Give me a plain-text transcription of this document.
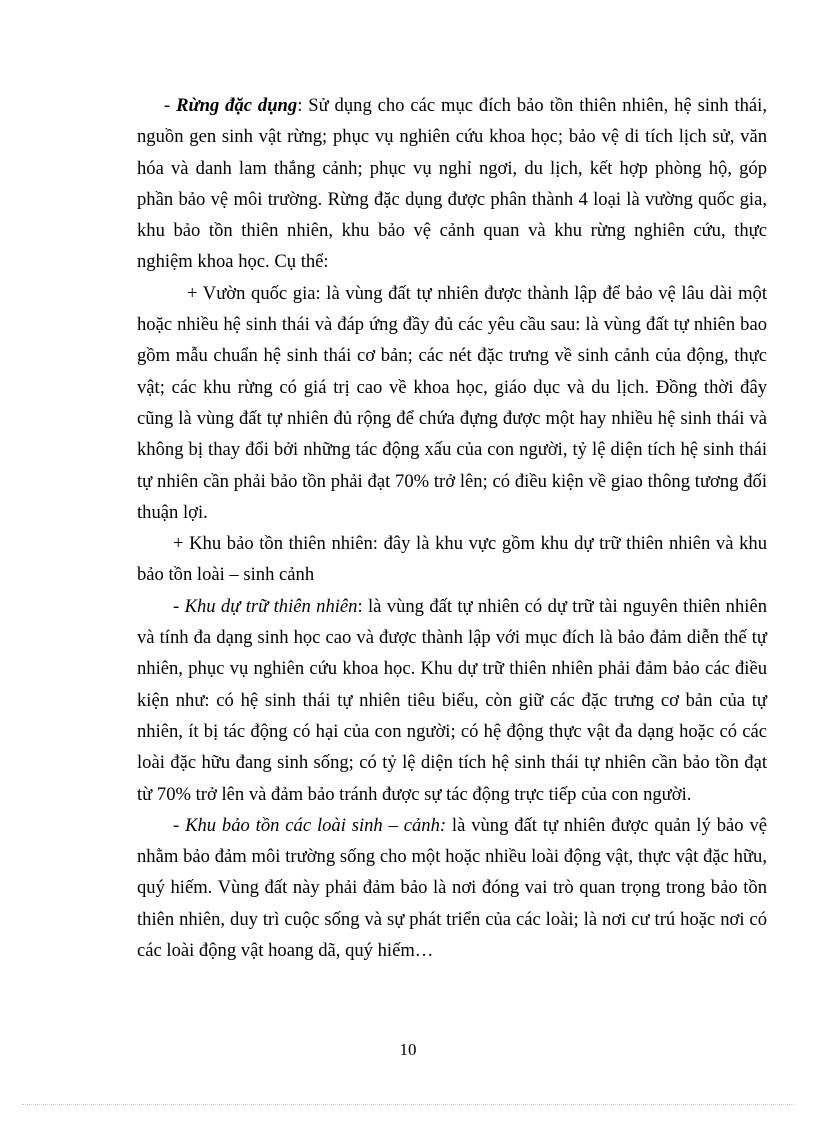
- Rừng đặc dụng: Sử dụng cho các mục đích bảo tồn thiên nhiên, hệ sinh thái, nguồn gen sinh vật rừng; phục vụ nghiên cứu khoa học; bảo vệ di tích lịch sử, văn hóa và danh lam thắng cảnh; phục vụ nghỉ ngơi, du lịch, kết hợp phòng hộ, góp phần bảo vệ môi trường. Rừng đặc dụng được phân thành 4 loại là vường quốc gia, khu bảo tồn thiên nhiên, khu bảo vệ cảnh quan và khu rừng nghiên cứu, thực nghiệm khoa học. Cụ thể:

+ Vườn quốc gia: là vùng đất tự nhiên được thành lập để bảo vệ lâu dài một hoặc nhiều hệ sinh thái và đáp ứng đầy đủ các yêu cầu sau: là vùng đất tự nhiên bao gồm mẫu chuẩn hệ sinh thái cơ bản; các nét đặc trưng về sinh cảnh của động, thực vật; các khu rừng có giá trị cao về khoa học, giáo dục và du lịch. Đồng thời đây cũng là vùng đất tự nhiên đủ rộng để chứa đựng được một hay nhiều hệ sinh thái và không bị thay đổi bởi những tác động xấu của con người, tỷ lệ diện tích hệ sinh thái tự nhiên cần phải bảo tồn phải đạt 70% trở lên; có điều kiện về giao thông tương đối thuận lợi.

+ Khu bảo tồn thiên nhiên: đây là khu vực gồm khu dự trữ thiên nhiên và khu bảo tồn loài – sinh cảnh

- Khu dự trữ thiên nhiên: là vùng đất tự nhiên có dự trữ tài nguyên thiên nhiên và tính đa dạng sinh học cao và được thành lập với mục đích là bảo đảm diễn thế tự nhiên, phục vụ nghiên cứu khoa học. Khu dự trữ thiên nhiên phải đảm bảo các điều kiện như: có hệ sinh thái tự nhiên tiêu biểu, còn giữ các đặc trưng cơ bản của tự nhiên, ít bị tác động có hại của con người; có hệ động thực vật đa dạng hoặc có các loài đặc hữu đang sinh sống; có tỷ lệ diện tích hệ sinh thái tự nhiên cần bảo tồn đạt từ 70% trở lên và đảm bảo tránh được sự tác động trực tiếp của con người.

- Khu bảo tồn các loài sinh – cảnh: là vùng đất tự nhiên được quản lý bảo vệ nhằm bảo đảm môi trường sống cho một hoặc nhiều loài động vật, thực vật đặc hữu, quý hiếm. Vùng đất này phải đảm bảo là nơi đóng vai trò quan trọng trong bảo tồn thiên nhiên, duy trì cuộc sống và sự phát triển của các loài; là nơi cư trú hoặc nơi có các loài động vật hoang dã, quý hiếm…

10
